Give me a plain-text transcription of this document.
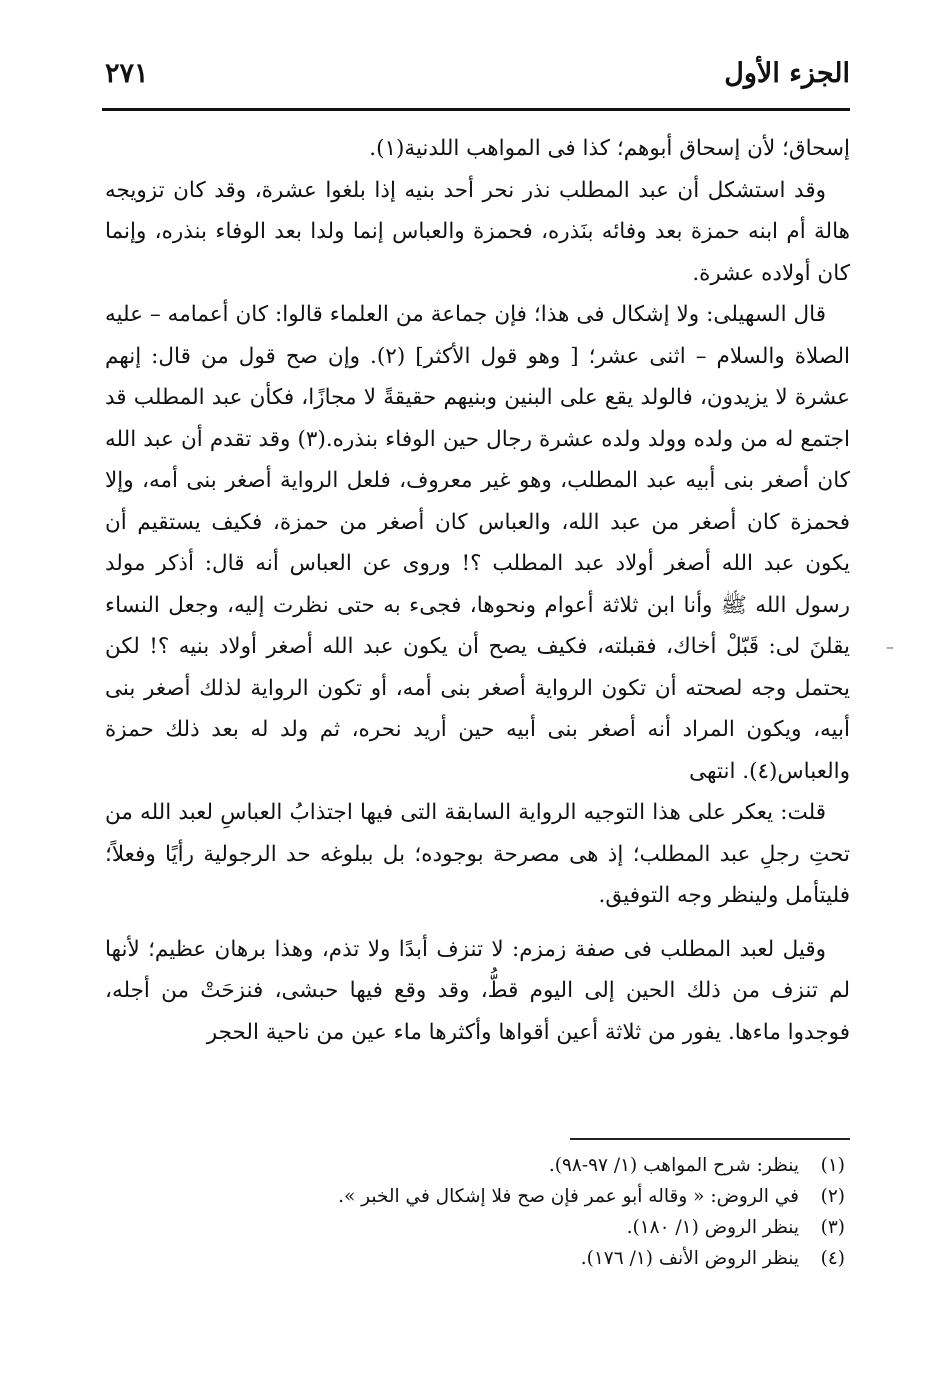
الجزء الأول
٢٧١

إسحاق؛ لأن إسحاق أبوهم؛ كذا فى المواهب اللدنية(١).

وقد استشكل أن عبد المطلب نذر نحر أحد بنيه إذا بلغوا عشرة، وقد كان تزويجه هالة أم ابنه حمزة بعد وفائه بنَذره، فحمزة والعباس إنما ولدا بعد الوفاء بنذره، وإنما كان أولاده عشرة.

قال السهيلى: ولا إشكال فى هذا؛ فإن جماعة من العلماء قالوا: كان أعمامه – عليه الصلاة والسلام – اثنى عشر؛ [ وهو قول الأكثر] (٢). وإن صح قول من قال: إنهم عشرة لا يزيدون، فالولد يقع على البنين وبنيهم حقيقةً لا مجازًا، فكأن عبد المطلب قد اجتمع له من ولده وولد ولده عشرة رجال حين الوفاء بنذره.(٣) وقد تقدم أن عبد الله كان أصغر بنى أبيه عبد المطلب، وهو غير معروف، فلعل الرواية أصغر بنى أمه، وإلا فحمزة كان أصغر من عبد الله، والعباس كان أصغر من حمزة، فكيف يستقيم أن يكون عبد الله أصغر أولاد عبد المطلب ؟! وروى عن العباس أنه قال: أذكر مولد رسول الله ﷺ وأنا ابن ثلاثة أعوام ونحوها، فجىء به حتى نظرت إليه، وجعل النساء يقلنَ لى: قَبّلْ أخاك، فقبلته، فكيف يصح أن يكون عبد الله أصغر أولاد بنيه ؟! لكن يحتمل وجه لصحته أن تكون الرواية أصغر بنى أمه، أو تكون الرواية لذلك أصغر بنى أبيه، ويكون المراد أنه أصغر بنى أبيه حين أريد نحره، ثم ولد له بعد ذلك حمزة والعباس(٤). انتهى

قلت: يعكر على هذا التوجيه الرواية السابقة التى فيها اجتذابُ العباسِ لعبد الله من تحتِ رجلِ عبد المطلب؛ إذ هى مصرحة بوجوده؛ بل ببلوغه حد الرجولية رأيًا وفعلاً؛ فليتأمل ولينظر وجه التوفيق.

وقيل لعبد المطلب فى صفة زمزم: لا تنزف أبدًا ولا تذم، وهذا برهان عظيم؛ لأنها لم تنزف من ذلك الحين إلى اليوم قطُّ، وقد وقع فيها حبشى، فنزحَتْ من أجله، فوجدوا ماءها. يفور من ثلاثة أعين أقواها وأكثرها ماء عين من ناحية الحجر

–
(١)
ينظر: شرح المواهب (١/ ٩٧-٩٨).
(٢)
في الروض: « وقاله أبو عمر فإن صح فلا إشكال في الخبر ».
(٣)
ينظر الروض (١/ ١٨٠).
(٤)
ينظر الروض الأنف (١/ ١٧٦).
